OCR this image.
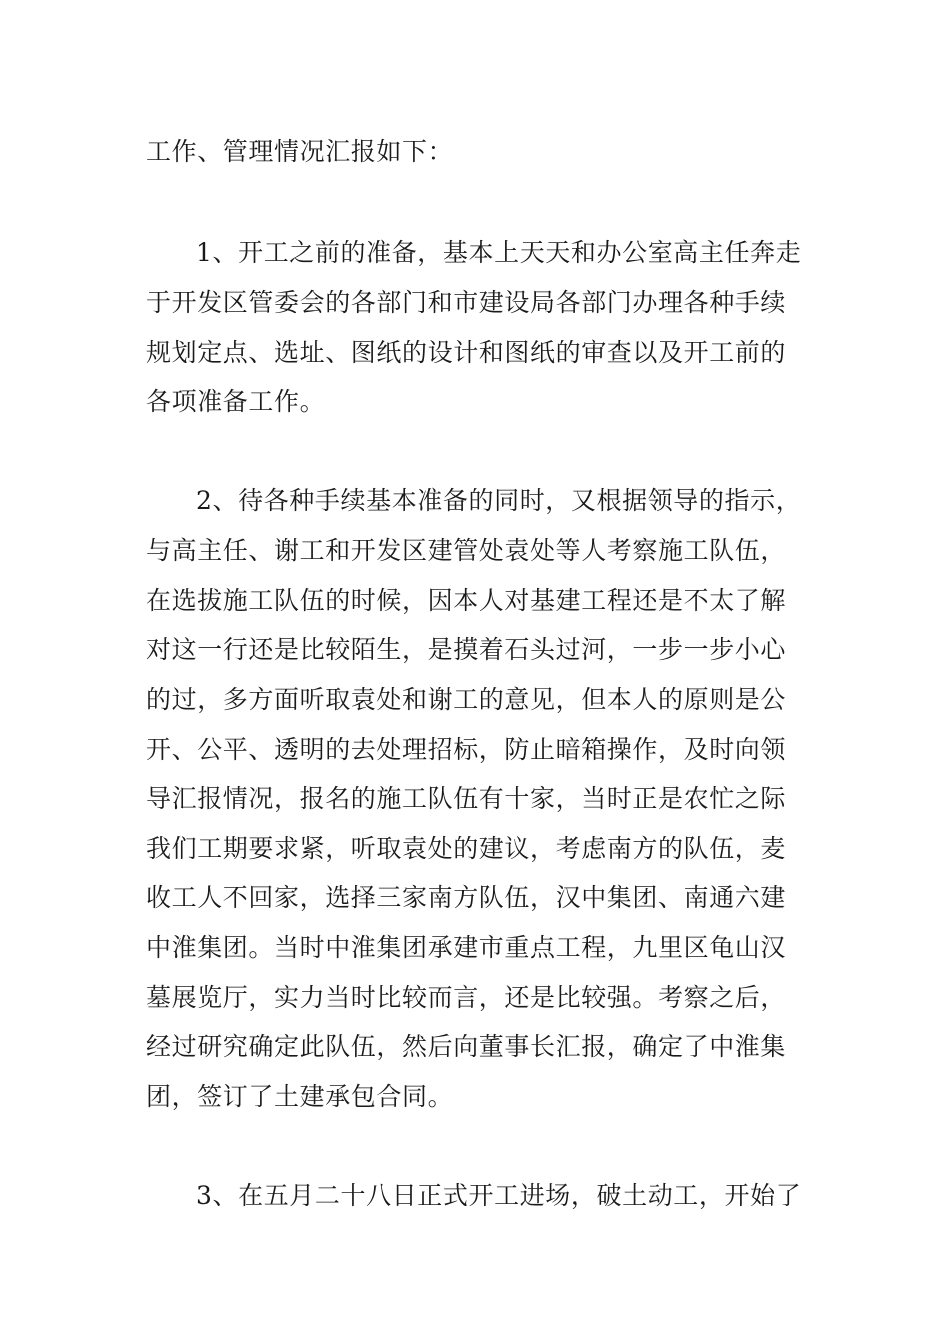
工作、管理情况汇报如下：
1、开工之前的准备，基本上天天和办公室高主任奔走
于开发区管委会的各部门和市建设局各部门办理各种手续
规划定点、选址、图纸的设计和图纸的审查以及开工前的
各项准备工作。
2、待各种手续基本准备的同时，又根据领导的指示，
与高主任、谢工和开发区建管处袁处等人考察施工队伍，
在选拔施工队伍的时候，因本人对基建工程还是不太了解
对这一行还是比较陌生，是摸着石头过河，一步一步小心
的过，多方面听取袁处和谢工的意见，但本人的原则是公
开、公平、透明的去处理招标，防止暗箱操作，及时向领
导汇报情况，报名的施工队伍有十家，当时正是农忙之际
我们工期要求紧，听取袁处的建议，考虑南方的队伍，麦
收工人不回家，选择三家南方队伍，汉中集团、南通六建
中淮集团。当时中淮集团承建市重点工程，九里区龟山汉
墓展览厅，实力当时比较而言，还是比较强。考察之后，
经过研究确定此队伍，然后向董事长汇报，确定了中淮集
团，签订了土建承包合同。
3、在五月二十八日正式开工进场，破土动工，开始了
